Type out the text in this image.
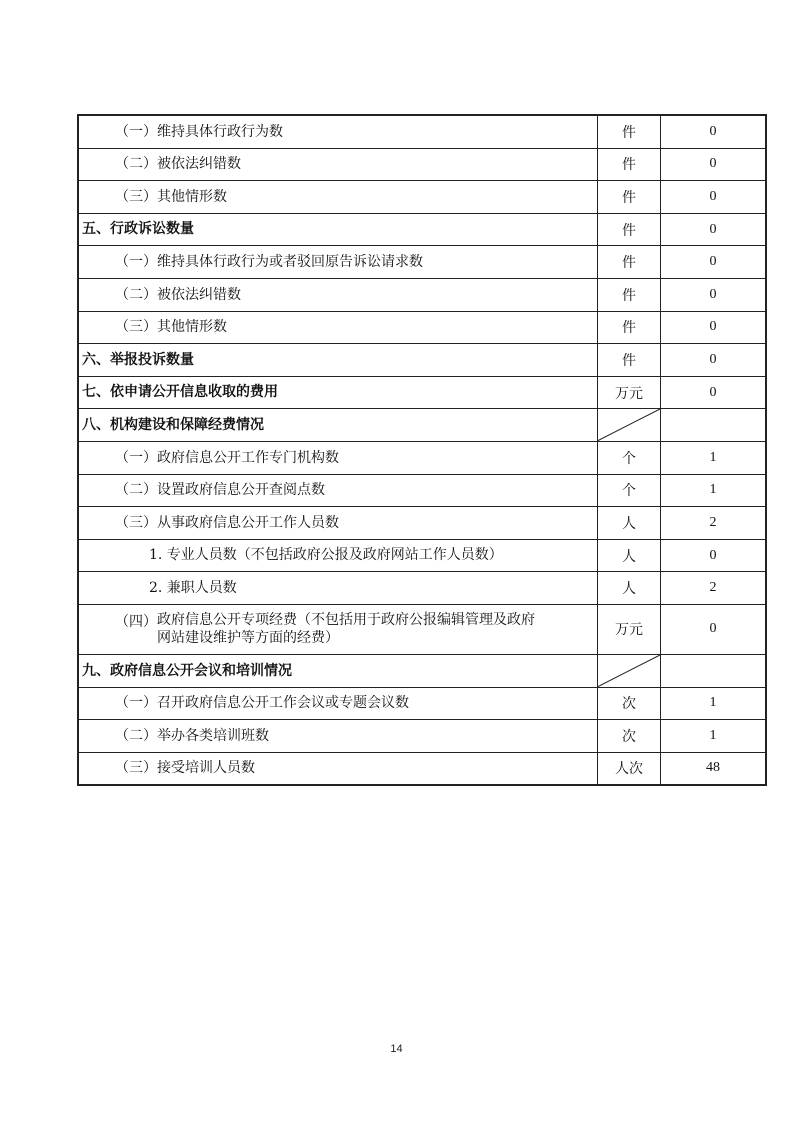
（一）维持具体行政行为数	件	0
（二）被依法纠错数	件	0
（三）其他情形数	件	0
五、行政诉讼数量	件	0
（一）维持具体行政行为或者驳回原告诉讼请求数	件	0
（二）被依法纠错数	件	0
（三）其他情形数	件	0
六、举报投诉数量	件	0
七、依申请公开信息收取的费用	万元	0
八、机构建设和保障经费情况	

（一）政府信息公开工作专门机构数	个	1
（二）设置政府信息公开查阅点数	个	1
（三）从事政府信息公开工作人员数	人	2
1. 专业人员数（不包括政府公报及政府网站工作人员数）	人	0
2. 兼职人员数	人	2

（四） 政府信息公开专项经费（不包括用于政府公报编辑管理及政府网站建设维护等方面的经费）	万元	0
九、政府信息公开会议和培训情况	

（一）召开政府信息公开工作会议或专题会议数	次	1
（二）举办各类培训班数	次	1
（三）接受培训人员数	人次	48
14
